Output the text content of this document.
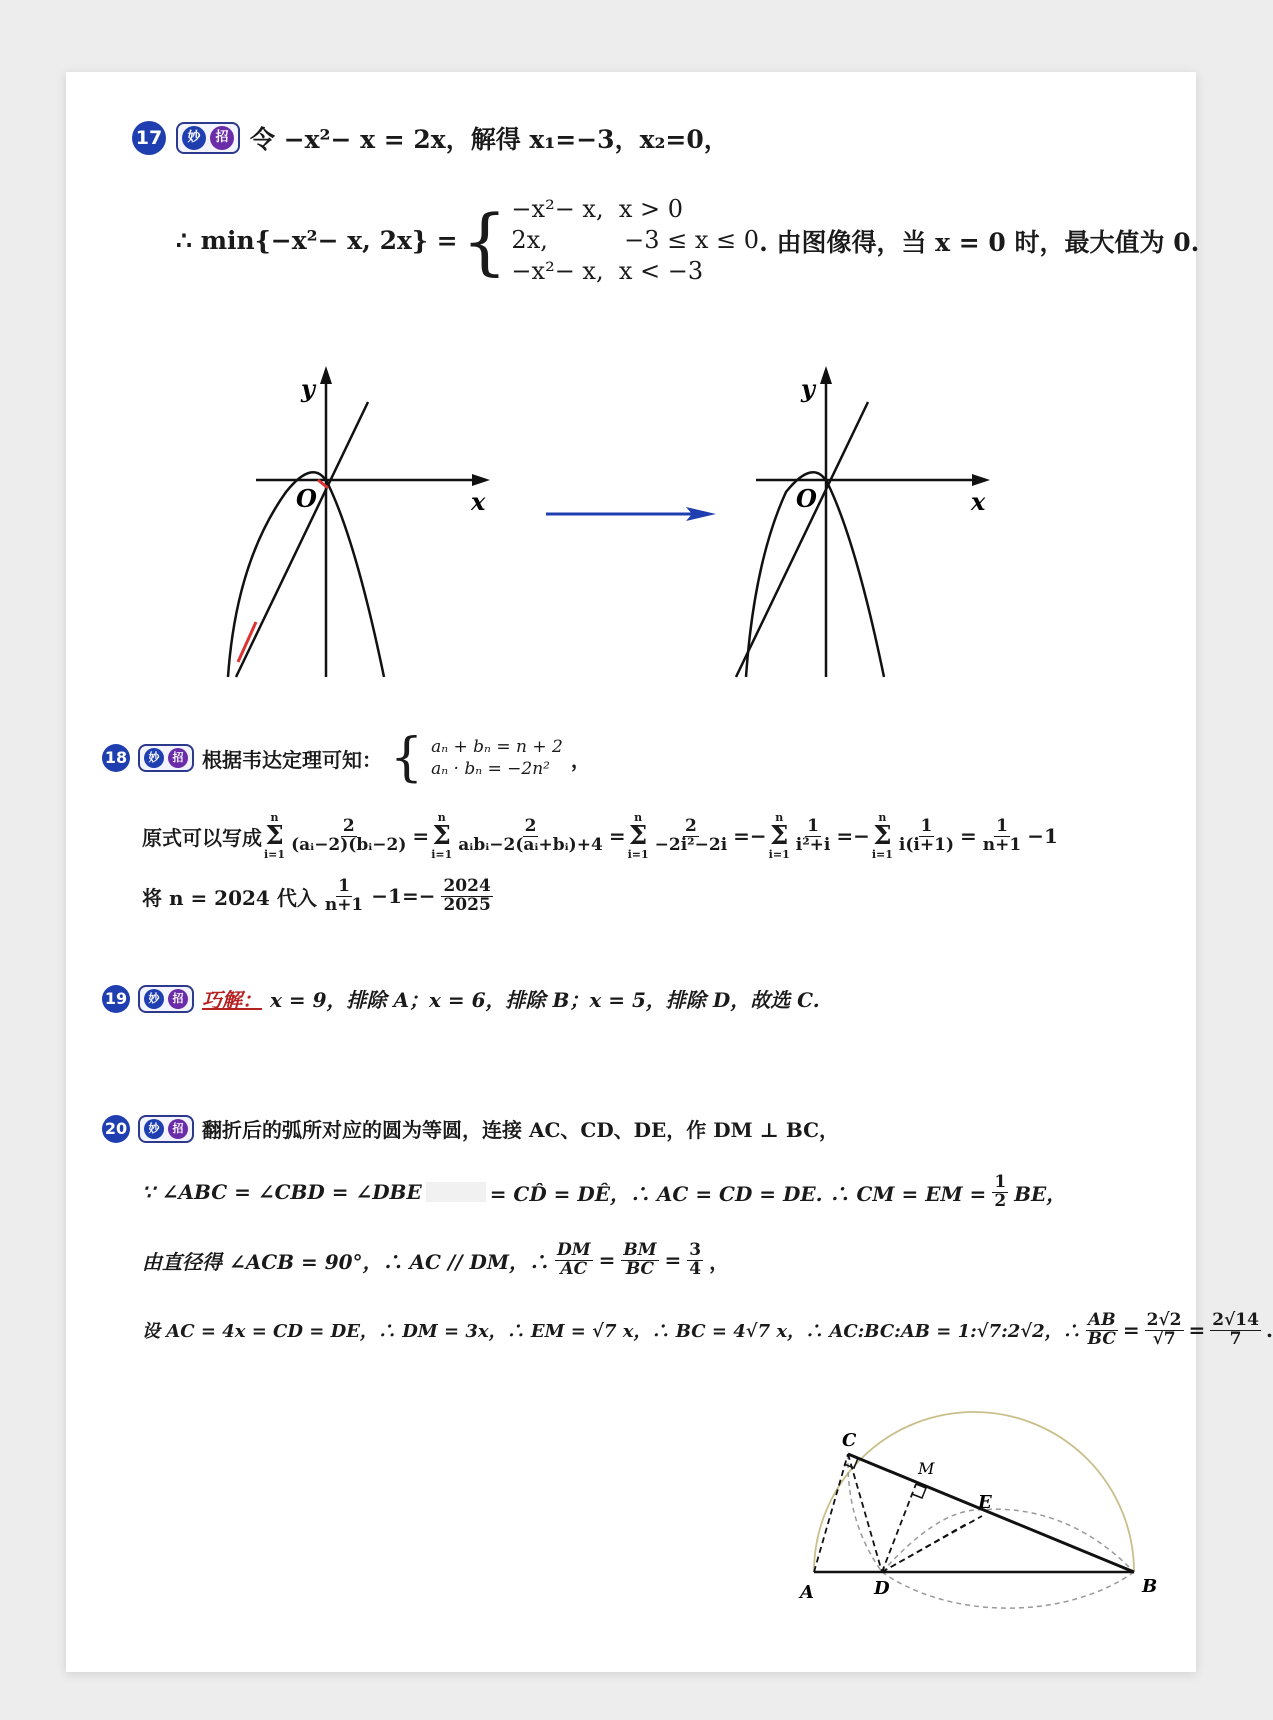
17	妙	招 令 −x²− x = 2x，解得 x₁=−3，x₂=0，
∴ min{−x²− x, 2x} = { −x²− x,  x > 0
2x,          −3 ≤ x ≤ 0
−x²− x,  x < −3
. 由图像得，当 x = 0 时，最大值为 0.
y
x
O
y
x
O
18	妙	招 根据韦达定理可知： { aₙ + bₙ = n + 2
aₙ · bₙ = −2n²	，
原式可以写成
n
Σ
i=1
$\frac{2}{\text{(aᵢ−2)(bᵢ−2)}}$ =
n
Σ
i=1
$\frac{2}{\text{aᵢbᵢ−2(aᵢ+bᵢ)+4}}$ =
n
Σ
i=1
$\frac{2}{\text{−2i²−2i}}$ =−
n
Σ
i=1
$\frac{1}{\text{i²+i}}$ =−
n
Σ
i=1
$\frac{1}{i(i+1)} = \frac{1}{n+1} -1$
将 n = 2024 代入 $\frac{1}{n+1} -1=- \frac{2024}{2025}$
19	妙	招 巧解： x = 9，排除 A；x = 6，排除 B；x = 5，排除 D，故选 C.
20	妙	招 翻折后的弧所对应的圆为等圆，连接 AC、CD、DE，作 DM ⊥ BC，
∵ ∠ABC = ∠CBD = ∠DBE	= CD̂ = DÊ，∴ AC = CD = DE. ∴ CM = EM = $\frac{1}{2}$ BE，
由直径得 ∠ACB = 90°，∴ AC // DM，∴ $\frac{DM}{AC} = \frac{BM}{BC} = \frac{3}{4}$ ，
设 AC = 4x = CD = DE，∴ DM = 3x，∴ EM = √7 x，∴ BC = 4√7 x，∴ AC:BC:AB = 1:√7:2√2，∴ $\frac{AB}{BC} = \frac{2√2}{√7} = \frac{2√14}{7}$ .
C
M
E
A	D	B
